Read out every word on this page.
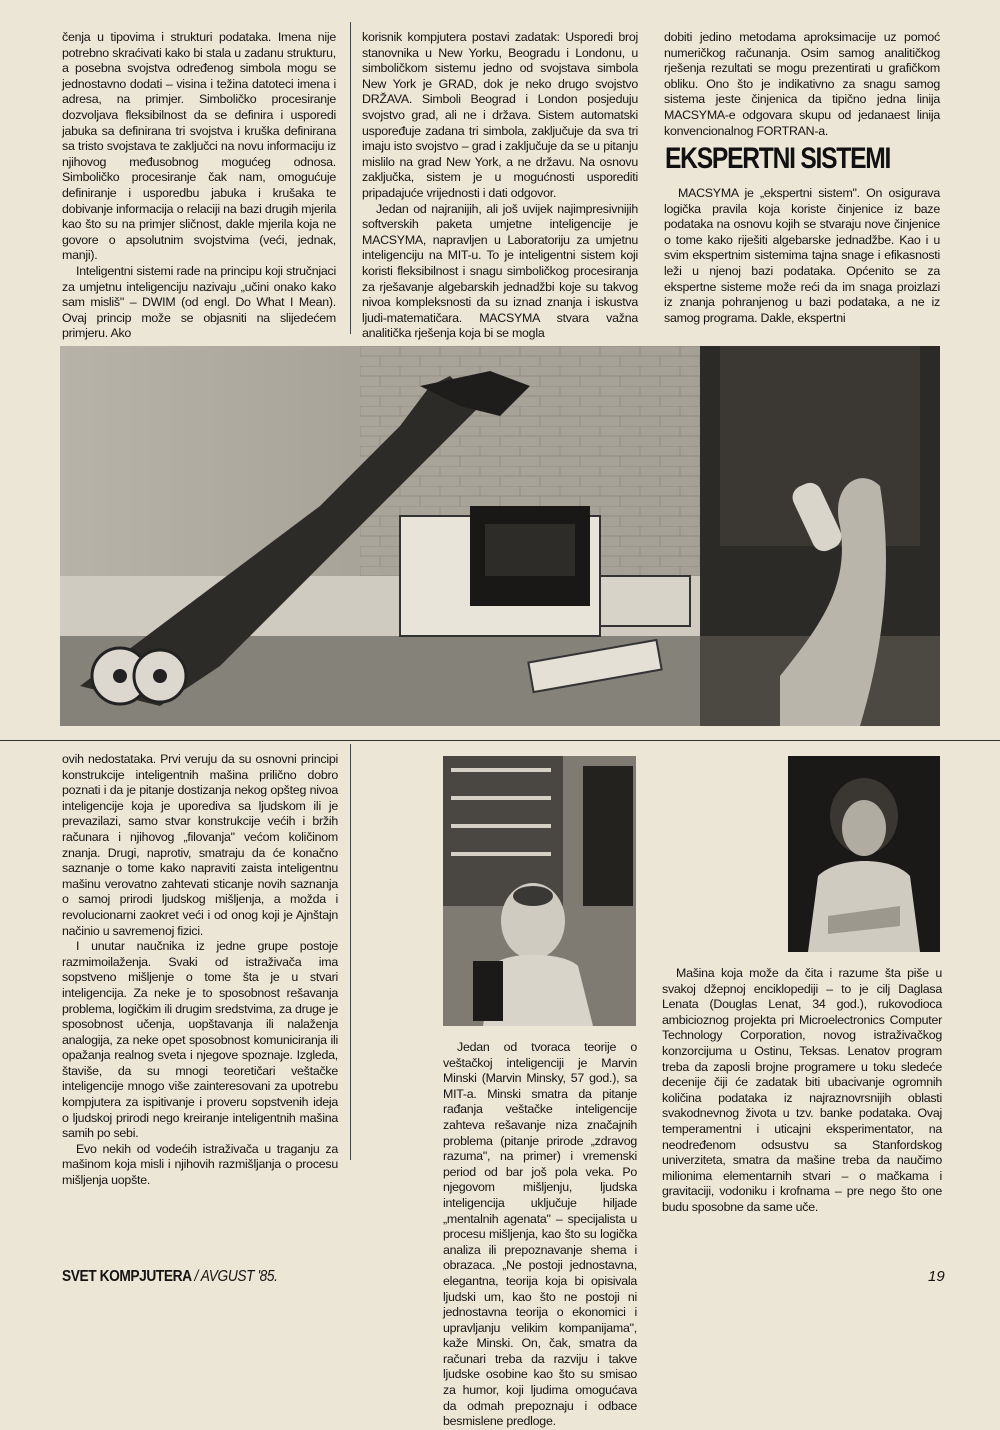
čenja u tipovima i strukturi podataka. Imena nije potrebno skraćivati kako bi stala u zadanu strukturu, a posebna svojstva određenog simbola mogu se jednostavno dodati – visina i težina datoteci imena i adresa, na primjer. Simboličko procesiranje dozvoljava fleksibilnost da se definira i usporedi jabuka sa definirana tri svojstva i kruška definirana sa tristo svojstava te zaključci na novu informaciju iz njihovog međusobnog mogućeg odnosa. Simboličko procesiranje čak nam, omogućuje definiranje i usporedbu jabuka i krušaka te dobivanje informacija o relaciji na bazi drugih mjerila kao što su na primjer sličnost, dakle mjerila koja ne govore o apsolutnim svojstvima (veći, jednak, manji).

Inteligentni sistemi rade na principu koji stručnjaci za umjetnu inteligenciju nazivaju „učini onako kako sam misliš" – DWIM (od engl. Do What I Mean). Ovaj princip može se objasniti na slijedećem primjeru. Ako

korisnik kompjutera postavi zadatak: Usporedi broj stanovnika u New Yorku, Beogradu i Londonu, u simboličkom sistemu jedno od svojstava simbola New York je GRAD, dok je neko drugo svojstvo DRŽAVA. Simboli Beograd i London posjeduju svojstvo grad, ali ne i država. Sistem automatski uspoređuje zadana tri simbola, zaključuje da sva tri imaju isto svojstvo – grad i zaključuje da se u pitanju mislilo na grad New York, a ne državu. Na osnovu zaključka, sistem je u mogućnosti usporediti pripadajuće vrijednosti i dati odgovor.

Jedan od najranijih, ali još uvijek najimpresivnijih softverskih paketa umjetne inteligencije je MACSYMA, napravljen u Laboratoriju za umjetnu inteligenciju na MIT-u. To je inteligentni sistem koji koristi fleksibilnost i snagu simboličkog procesiranja za rješavanje algebarskih jednadžbi koje su takvog nivoa kompleksnosti da su iznad znanja i iskustva ljudi-matematičara. MACSYMA stvara važna analitička rješenja koja bi se mogla

dobiti jedino metodama aproksimacije uz pomoć numeričkog računanja. Osim samog analitičkog rješenja rezultati se mogu prezentirati u grafičkom obliku. Ono što je indikativno za snagu samog sistema jeste činjenica da tipično jedna linija MACSYMA-e odgovara skupu od jedanaest linija konvencionalnog FORTRAN-a.

EKSPERTNI SISTEMI

MACSYMA je „ekspertni sistem". On osigurava logička pravila koja koriste činjenice iz baze podataka na osnovu kojih se stvaraju nove činjenice o tome kako riješiti algebarske jednadžbe. Kao i u svim ekspertnim sistemima tajna snage i efikasnosti leži u njenoj bazi podataka. Općenito se za ekspertne sisteme može reći da im snaga proizlazi iz znanja pohranjenog u bazi podataka, a ne iz samog programa. Dakle, ekspertni

ovih nedostataka. Prvi veruju da su osnovni principi konstrukcije inteligentnih mašina prilično dobro poznati i da je pitanje dostizanja nekog opšteg nivoa inteligencije koja je uporediva sa ljudskom ili je prevazilazi, samo stvar konstrukcije većih i bržih računara i njihovog „filovanja" većom količinom znanja. Drugi, naprotiv, smatraju da će konačno saznanje o tome kako napraviti zaista inteligentnu mašinu verovatno zahtevati sticanje novih saznanja o samoj prirodi ljudskog mišljenja, a možda i revolucionarni zaokret veći i od onog koji je Ajnštajn načinio u savremenoj fizici.

I unutar naučnika iz jedne grupe postoje razmimoilaženja. Svaki od istraživača ima sopstveno mišljenje o tome šta je u stvari inteligencija. Za neke je to sposobnost rešavanja problema, logičkim ili drugim sredstvima, za druge je sposobnost učenja, uopštavanja ili nalaženja analogija, za neke opet sposobnost komuniciranja ili opažanja realnog sveta i njegove spoznaje. Izgleda, štaviše, da su mnogi teoretičari veštačke inteligencije mnogo više zainteresovani za upotrebu kompjutera za ispitivanje i proveru sopstvenih ideja o ljudskoj prirodi nego kreiranje inteligentnih mašina samih po sebi.

Evo nekih od vodećih istraživača u traganju za mašinom koja misli i njihovih razmišljanja o procesu mišljenja uopšte.

Jedan od tvoraca teorije o veštačkoj inteligenciji je Marvin Minski (Marvin Minsky, 57 god.), sa MIT-a. Minski smatra da pitanje rađanja veštačke inteligencije zahteva rešavanje niza značajnih problema (pitanje prirode „zdravog razuma", na primer) i vremenski period od bar još pola veka. Po njegovom mišljenju, ljudska inteligencija uključuje hiljade „mentalnih agenata" – specijalista u procesu mišljenja, kao što su logička analiza ili prepoznavanje shema i obrazaca. „Ne postoji jednostavna, elegantna, teorija koja bi opisivala ljudski um, kao što ne postoji ni jednostavna teorija o ekonomici i upravljanju velikim kompanijama", kaže Minski. On, čak, smatra da računari treba da razviju i takve ljudske osobine kao što su smisao za humor, koji ljudima omogućava da odmah prepoznaju i odbace besmislene predloge.

Mašina koja može da čita i razume šta piše u svakoj džepnoj enciklopediji – to je cilj Daglasa Lenata (Douglas Lenat, 34 god.), rukovodioca ambicioznog projekta pri Microelectronics Computer Technology Corporation, novog istraživačkog konzorcijuma u Ostinu, Teksas. Lenatov program treba da zaposli brojne programere u toku sledeće decenije čiji će zadatak biti ubacivanje ogromnih količina podataka iz najraznovrsnijih oblasti svakodnevnog života u tzv. banke podataka. Ovaj temperamentni i uticajni eksperimentator, na neodređenom odsustvu sa Stanfordskog univerziteta, smatra da mašine treba da naučimo milionima elementarnih stvari – o mačkama i gravitaciji, vodoniku i krofnama – pre nego što one budu sposobne da same uče.

SVET KOMPJUTERA / AVGUST '85.	19
